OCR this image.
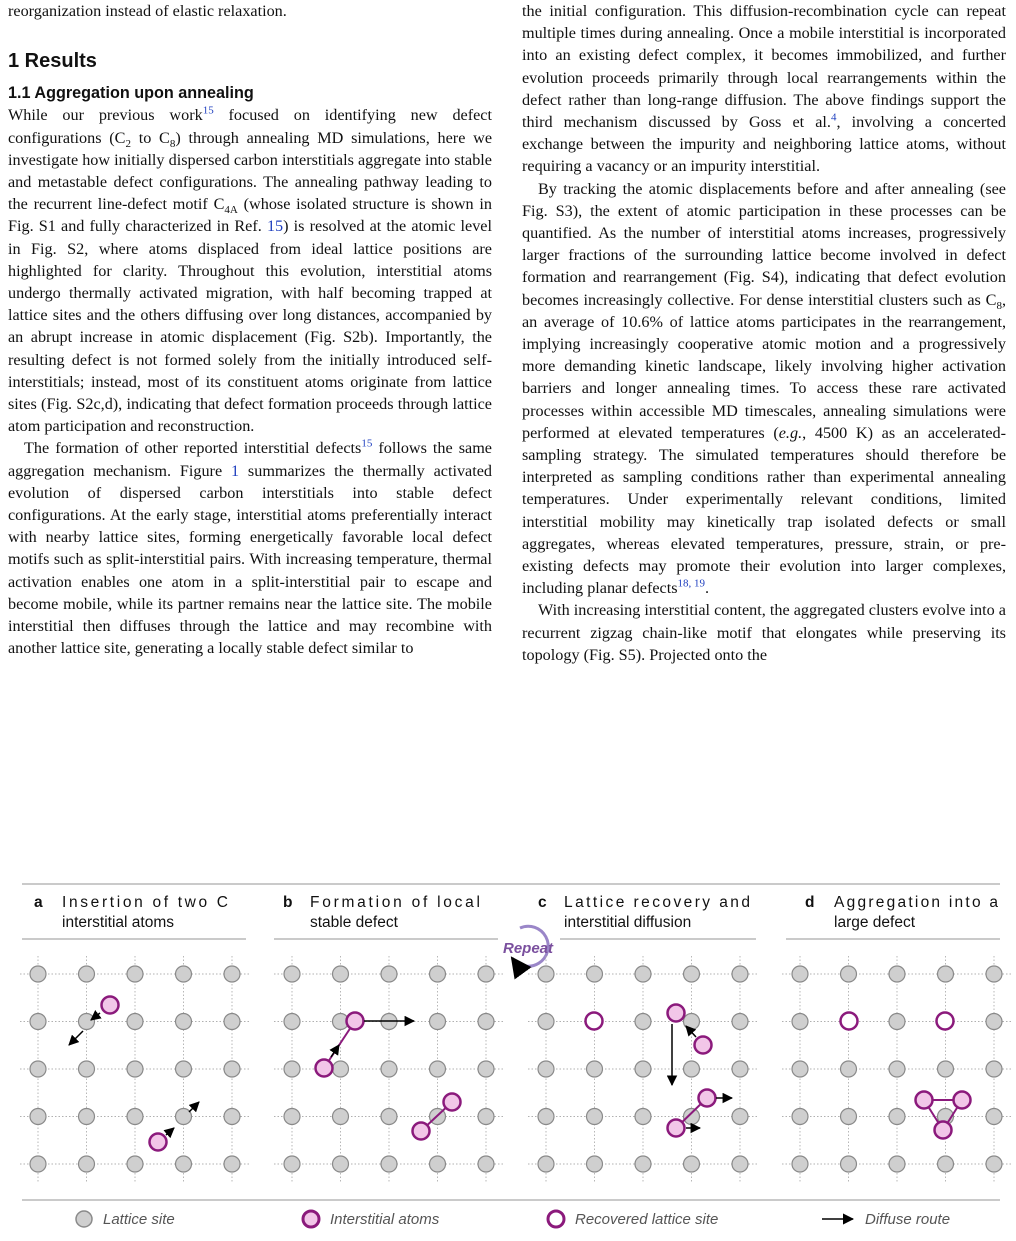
reorganization instead of elastic relaxation.

1 Results
1.1 Aggregation upon annealing

While our previous work$^{15}$ focused on identifying new defect configurations ($C_2$ to $C_8$) through annealing MD simulations, here we investigate how initially dispersed carbon interstitials aggregate into stable and metastable defect configurations. The annealing pathway leading to the recurrent line-defect motif $C_{4A}$ (whose isolated structure is shown in Fig. S1 and fully characterized in Ref. 15) is resolved at the atomic level in Fig. S2, where atoms displaced from ideal lattice positions are highlighted for clarity. Throughout this evolution, interstitial atoms undergo thermally activated migration, with half becoming trapped at lattice sites and the others diffusing over long distances, accompanied by an abrupt increase in atomic displacement (Fig. S2b). Importantly, the resulting defect is not formed solely from the initially introduced self-interstitials; instead, most of its constituent atoms originate from lattice sites (Fig. S2c,d), indicating that defect formation proceeds through lattice atom participation and reconstruction.

The formation of other reported interstitial defects$^{15}$ follows the same aggregation mechanism. Figure 1 summarizes the thermally activated evolution of dispersed carbon interstitials into stable defect configurations. At the early stage, interstitial atoms preferentially interact with nearby lattice sites, forming energetically favorable local defect motifs such as split-interstitial pairs. With increasing temperature, thermal activation enables one atom in a split-interstitial pair to escape and become mobile, while its partner remains near the lattice site. The mobile interstitial then diffuses through the lattice and may recombine with another lattice site, generating a locally stable defect similar to

the initial configuration. This diffusion-recombination cycle can repeat multiple times during annealing. Once a mobile interstitial is incorporated into an existing defect complex, it becomes immobilized, and further evolution proceeds primarily through local rearrangements within the defect rather than long-range diffusion. The above findings support the third mechanism discussed by Goss et al.$^4$, involving a concerted exchange between the impurity and neighboring lattice atoms, without requiring a vacancy or an impurity interstitial.

By tracking the atomic displacements before and after annealing (see Fig. S3), the extent of atomic participation in these processes can be quantified. As the number of interstitial atoms increases, progressively larger fractions of the surrounding lattice become involved in defect formation and rearrangement (Fig. S4), indicating that defect evolution becomes increasingly collective. For dense interstitial clusters such as $C_8$, an average of 10.6% of lattice atoms participates in the rearrangement, implying increasingly cooperative atomic motion and a progressively more demanding kinetic landscape, likely involving higher activation barriers and longer annealing times. To access these rare activated processes within accessible MD timescales, annealing simulations were performed at elevated temperatures (e.g., 4500 K) as an accelerated-sampling strategy. The simulated temperatures should therefore be interpreted as sampling conditions rather than experimental annealing temperatures. Under experimentally relevant conditions, limited interstitial mobility may kinetically trap isolated defects or small aggregates, whereas elevated temperatures, pressure, strain, or pre-existing defects may promote their evolution into larger complexes, including planar defects$^{18, 19}$.

With increasing interstitial content, the aggregated clusters evolve into a recurrent zigzag chain-like motif that elongates while preserving its topology (Fig. S5). Projected onto the

a Insertion of two C
interstitial atoms
b Formation of local
stable defect
c Lattice recovery and
interstitial diffusion
d Aggregation into a
large defect
Repeat
Lattice site	Interstitial atoms	Recovered lattice site	Diffuse route
